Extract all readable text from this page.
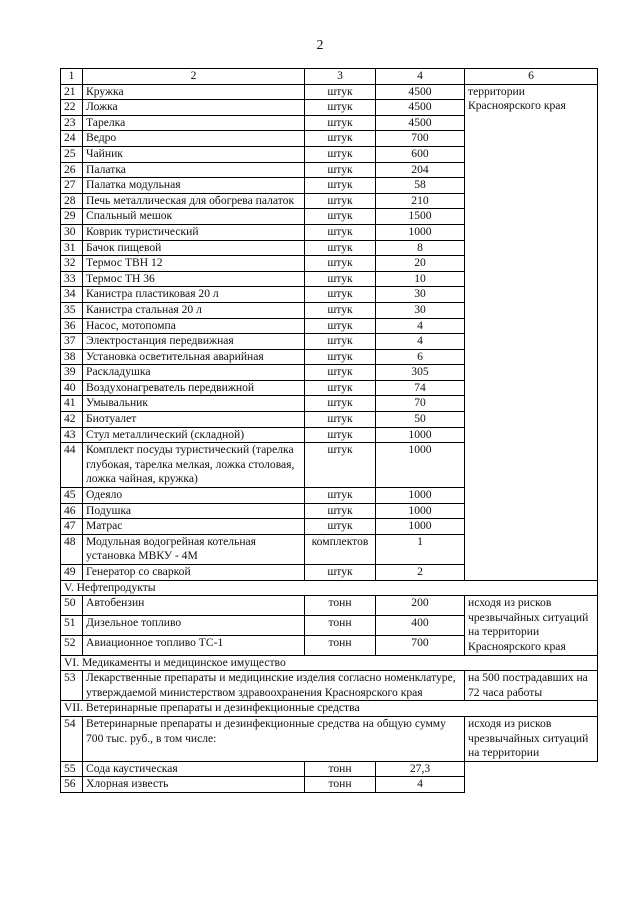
2
1	2	3	4	6
21	Кружка	штук	4500	территории Красноярского края
22	Ложка	штук	4500	
23	Тарелка	штук	4500	
24	Ведро	штук	700	
25	Чайник	штук	600	
26	Палатка	штук	204	
27	Палатка модульная	штук	58	
28	Печь металлическая для обогрева палаток	штук	210	
29	Спальный мешок	штук	1500	
30	Коврик туристический	штук	1000	
31	Бачок пищевой	штук	8	
32	Термос ТВН 12	штук	20	
33	Термос ТН 36	штук	10	
34	Канистра пластиковая 20 л	штук	30	
35	Канистра стальная 20 л	штук	30	
36	Насос, мотопомпа	штук	4	
37	Электростанция передвижная	штук	4	
38	Установка осветительная аварийная	штук	6	
39	Раскладушка	штук	305	
40	Воздухонагреватель передвижной	штук	74	
41	Умывальник	штук	70	
42	Биотуалет	штук	50	
43	Стул металлический (складной)	штук	1000	
44	Комплект посуды туристический (тарелка глубокая, тарелка мелкая, ложка столовая, ложка чайная, кружка)	штук	1000	
45	Одеяло	штук	1000	
46	Подушка	штук	1000	
47	Матрас	штук	1000	
48	Модульная водогрейная котельная установка МВКУ - 4М	комплектов	1	
49	Генератор со сваркой	штук	2	
V. Нефтепродукты				
50	Автобензин	тонн	200	исходя из рисков чрезвычайных ситуаций на территории Красноярского края
51	Дизельное топливо	тонн	400	
52	Авиационное топливо ТС-1	тонн	700	
VI. Медикаменты и медицинское имущество				
53	Лекарственные препараты и медицинские изделия согласно номенклатуре, утверждаемой министерством здравоохранения Красноярского края			на 500 пострадавших на 72 часа работы
VII. Ветеринарные препараты и дезинфекционные средства				
54	Ветеринарные препараты и дезинфекционные средства на общую сумму 700 тыс. руб., в том числе:			исходя из рисков чрезвычайных ситуаций на территории
55	Сода каустическая	тонн	27,3	
56	Хлорная известь	тонн	4	
